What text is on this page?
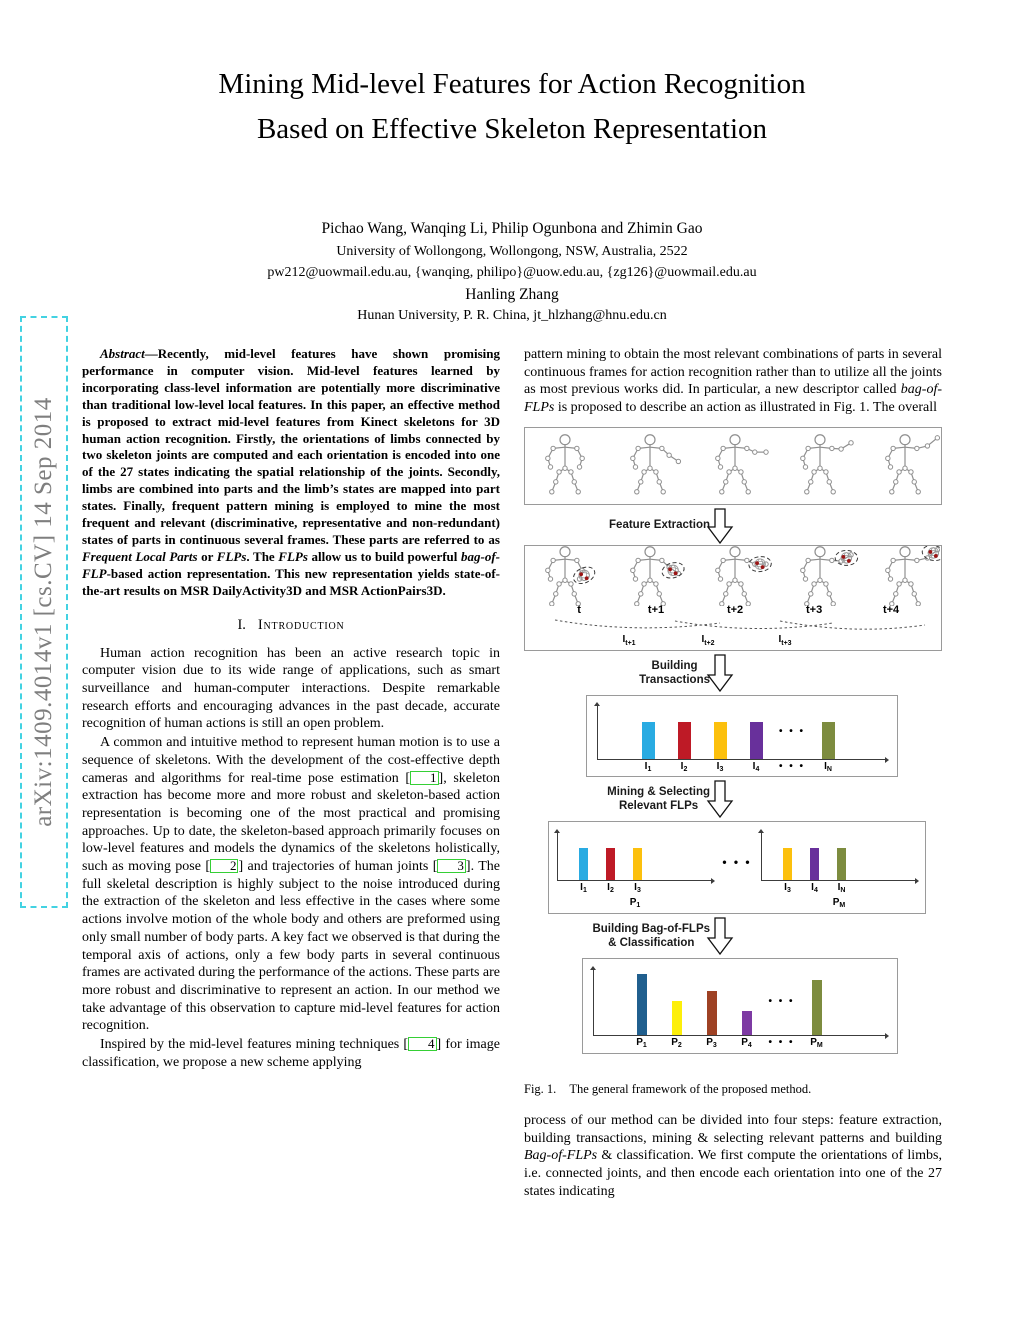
arXiv:1409.4014v1 [cs.CV] 14 Sep 2014
Mining Mid-level Features for Action Recognition
Based on Effective Skeleton Representation
Pichao Wang, Wanqing Li, Philip Ogunbona and Zhimin Gao
University of Wollongong, Wollongong, NSW, Australia, 2522
pw212@uowmail.edu.au, {wanqing, philipo}@uow.edu.au, {zg126}@uowmail.edu.au
Hanling Zhang
Hunan University, P. R. China, jt_hlzhang@hnu.edu.cn

Abstract—Recently, mid-level features have shown promising performance in computer vision. Mid-level features learned by incorporating class-level information are potentially more discriminative than traditional low-level local features. In this paper, an effective method is proposed to extract mid-level features from Kinect skeletons for 3D human action recognition. Firstly, the orientations of limbs connected by two skeleton joints are computed and each orientation is encoded into one of the 27 states indicating the spatial relationship of the joints. Secondly, limbs are combined into parts and the limb’s states are mapped into part states. Finally, frequent pattern mining is employed to mine the most frequent and relevant (discriminative, representative and non-redundant) states of parts in continuous several frames. These parts are referred to as Frequent Local Parts or FLPs. The FLPs allow us to build powerful bag-of-FLP-based action representation. This new representation yields state-of-the-art results on MSR DailyActivity3D and MSR ActionPairs3D.

I. Introduction

Human action recognition has been an active research topic in computer vision due to its wide range of applications, such as smart surveillance and human-computer interactions. Despite remarkable research efforts and encouraging advances in the past decade, accurate recognition of human actions is still an open problem.

A common and intuitive method to represent human motion is to use a sequence of skeletons. With the development of the cost-effective depth cameras and algorithms for real-time pose estimation [ 1 ], skeleton extraction has become more and more robust and skeleton-based action representation is becoming one of the most practical and promising approaches. Up to date, the skeleton-based approach primarily focuses on low-level features and models the dynamics of the skeletons holistically, such as moving pose [ 2 ] and trajectories of human joints [ 3 ]. The full skeletal description is highly subject to the noise introduced during the extraction of the skeleton and less effective in the cases where some actions involve motion of the whole body and others are preformed using only small number of body parts. A key fact we observed is that during the temporal axis of actions, only a few body parts in several continuous frames are activated during the performance of the actions. These parts are more robust and discriminative to represent an action. In our method we take advantage of this observation to capture mid-level features for action recognition.

Inspired by the mid-level features mining techniques [ 4 ] for image classification, we propose a new scheme applying

pattern mining to obtain the most relevant combinations of parts in several continuous frames for action recognition rather than to utilize all the joints as most previous works did. In particular, a new descriptor called bag-of-FLPs is proposed to describe an action as illustrated in Fig. 1. The overall

Feature Extraction
t	t+1	t+2	t+3	t+4
$I_{t+1}$	$I_{t+2}$	$I_{t+3}$
Building
Transactions
• • •
$I_1$	$I_2$	$I_3$	$I_4$ • • • $I_N$
Mining & Selecting
Relevant FLPs
$I_1$ $I_2$ $I_3$
$P_1$
• • •
$I_3$ $I_4$ $I_N$
$P_M$
Building Bag-of-FLPs
& Classification
• • •
$P_1$ $P_2$ $P_3$ $P_4$ • • • $P_M$
Fig. 1. The general framework of the proposed method.

process of our method can be divided into four steps: feature extraction, building transactions, mining & selecting relevant patterns and building Bag-of-FLPs & classification. We first compute the orientations of limbs, i.e. connected joints, and then encode each orientation into one of the 27 states indicating
